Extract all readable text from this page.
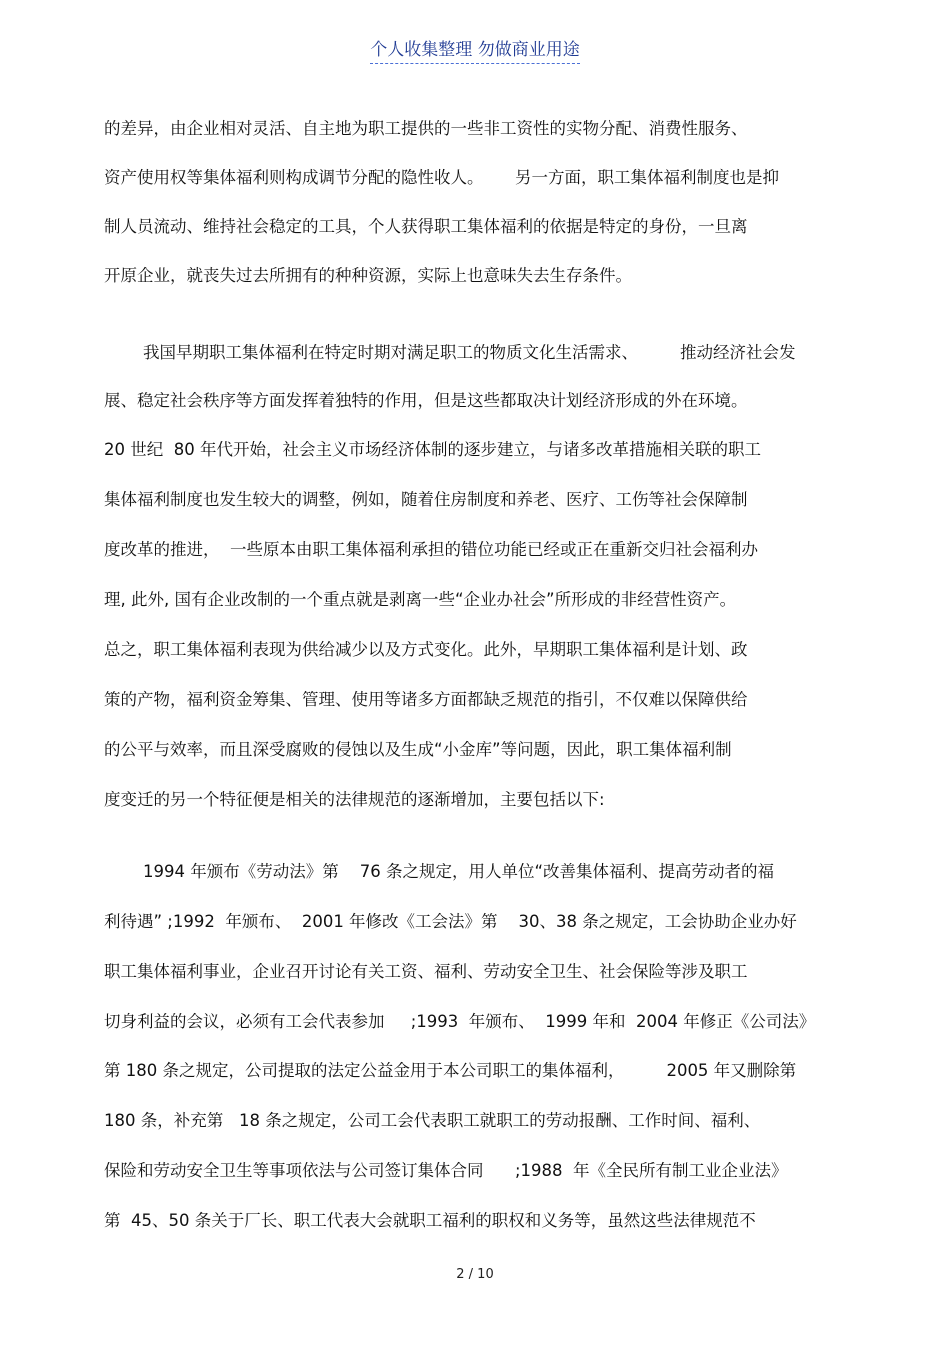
个人收集整理 勿做商业用途
的差异，由企业相对灵活、自主地为职工提供的一些非工资性的实物分配、消费性服务、
资产使用权等集体福利则构成调节分配的隐性收人。      另一方面，职工集体福利制度也是抑
制人员流动、维持社会稳定的工具，个人获得职工集体福利的依据是特定的身份，一旦离
开原企业，就丧失过去所拥有的种种资源，实际上也意味失去生存条件。
我国早期职工集体福利在特定时期对满足职工的物质文化生活需求、        推动经济社会发
展、稳定社会秩序等方面发挥着独特的作用，但是这些都取决计划经济形成的外在环境。
20 世纪  80 年代开始，社会主义市场经济体制的逐步建立，与诸多改革措施相关联的职工
集体福利制度也发生较大的调整，例如，随着住房制度和养老、医疗、工伤等社会保障制
度改革的推进，  一些原本由职工集体福利承担的错位功能已经或正在重新交归社会福利办
理, 此外, 国有企业改制的一个重点就是剥离一些“企业办社会”所形成的非经营性资产。
总之，职工集体福利表现为供给减少以及方式变化。此外，早期职工集体福利是计划、政
策的产物，福利资金筹集、管理、使用等诸多方面都缺乏规范的指引，不仅难以保障供给
的公平与效率，而且深受腐败的侵蚀以及生成“小金库”等问题，因此，职工集体福利制
度变迁的另一个特征便是相关的法律规范的逐渐增加，主要包括以下:
1994 年颁布《劳动法》第    76 条之规定，用人单位“改善集体福利、提高劳动者的福
利待遇” ;1992  年颁布、  2001 年修改《工会法》第    30、38 条之规定，工会协助企业办好
职工集体福利事业，企业召开讨论有关工资、福利、劳动安全卫生、社会保险等涉及职工
切身利益的会议，必须有工会代表参加     ;1993  年颁布、  1999 年和  2004 年修正《公司法》
第 180 条之规定，公司提取的法定公益金用于本公司职工的集体福利，        2005 年又删除第
180 条，补充第   18 条之规定，公司工会代表职工就职工的劳动报酬、工作时间、福利、
保险和劳动安全卫生等事项依法与公司签订集体合同      ;1988  年《全民所有制工业企业法》
第  45、50 条关于厂长、职工代表大会就职工福利的职权和义务等，虽然这些法律规范不
2 / 10
